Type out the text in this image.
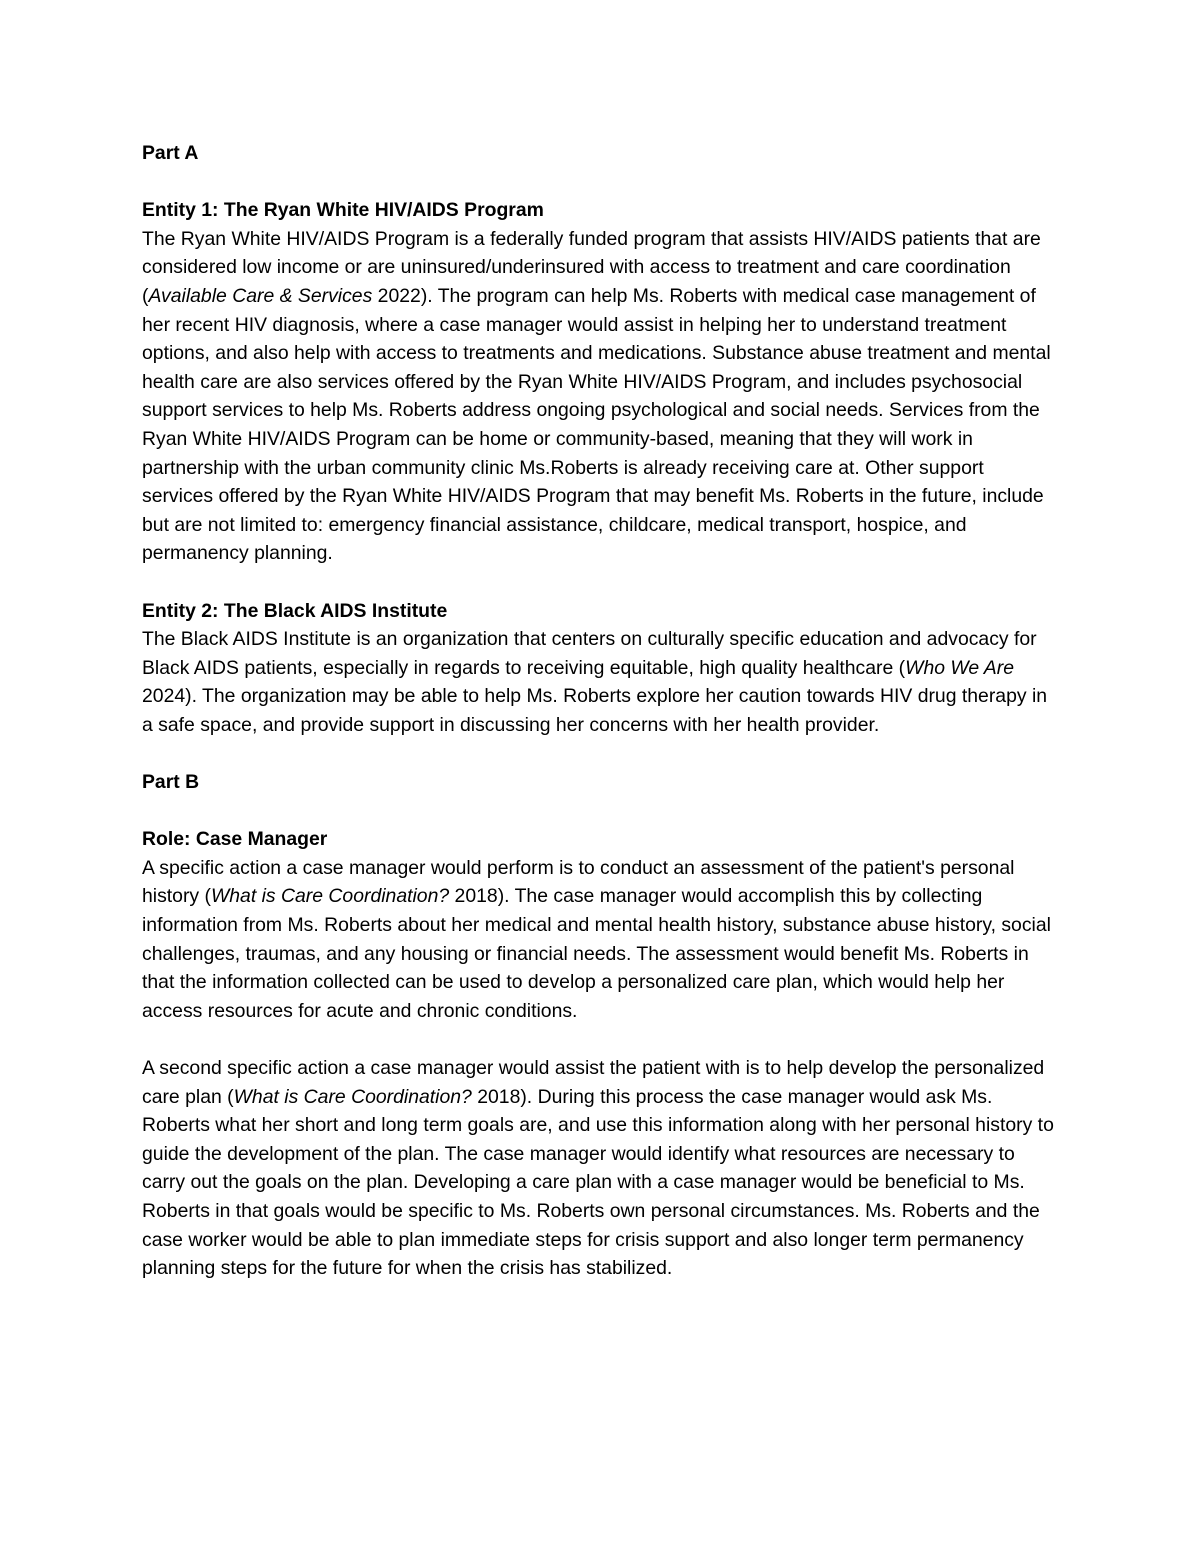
Part A

Entity 1: The Ryan White HIV/AIDS Program

The Ryan White HIV/AIDS Program is a federally funded program that assists HIV/AIDS patients that are considered low income or are uninsured/underinsured with access to treatment and care coordination (Available Care & Services 2022). The program can help Ms. Roberts with medical case management of her recent HIV diagnosis, where a case manager would assist in helping her to understand treatment options, and also help with access to treatments and medications. Substance abuse treatment and mental health care are also services offered by the Ryan White HIV/AIDS Program, and includes psychosocial support services to help Ms. Roberts address ongoing psychological and social needs. Services from the Ryan White HIV/AIDS Program can be home or community-based, meaning that they will work in partnership with the urban community clinic Ms.Roberts is already receiving care at. Other support services offered by the Ryan White HIV/AIDS Program that may benefit Ms. Roberts in the future, include but are not limited to: emergency financial assistance, childcare, medical transport, hospice, and permanency planning.

Entity 2: The Black AIDS Institute

The Black AIDS Institute is an organization that centers on culturally specific education and advocacy for Black AIDS patients, especially in regards to receiving equitable, high quality healthcare (Who We Are 2024). The organization may be able to help Ms. Roberts explore her caution towards HIV drug therapy in a safe space, and provide support in discussing her concerns with her health provider.

Part B

Role: Case Manager

A specific action a case manager would perform is to conduct an assessment of the patient's personal history (What is Care Coordination? 2018). The case manager would accomplish this by collecting information from Ms. Roberts about her medical and mental health history, substance abuse history, social challenges, traumas, and any housing or financial needs. The assessment would benefit Ms. Roberts in that the information collected can be used to develop a personalized care plan, which would help her access resources for acute and chronic conditions.

A second specific action a case manager would assist the patient with is to help develop the personalized care plan (What is Care Coordination? 2018). During this process the case manager would ask Ms. Roberts what her short and long term goals are, and use this information along with her personal history to guide the development of the plan. The case manager would identify what resources are necessary to carry out the goals on the plan. Developing a care plan with a case manager would be beneficial to Ms. Roberts in that goals would be specific to Ms. Roberts own personal circumstances. Ms. Roberts and the case worker would be able to plan immediate steps for crisis support and also longer term permanency planning steps for the future for when the crisis has stabilized.
